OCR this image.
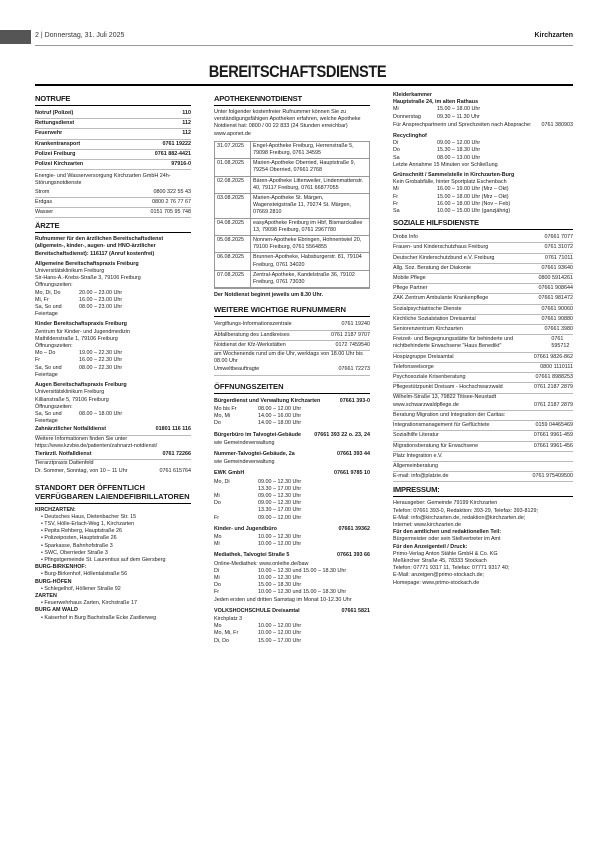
2 | Donnerstag, 31. Juli 2025	Kirchzarten
BEREITSCHAFTSDIENSTE
NOTRUFE
Notruf (Polizei)	110
Rettungsdienst	112
Feuerwehr	112
Krankentransport	0761 19222
Polizei Freiburg	0761 882-4421
Polizei Kirchzarten	97916-0
Energie- und Wasserversorgung Kirchzarten GmbH 24h-Störungsnotdienste
Strom	0800 322 55 43
Erdgas	0800 2 76 77 67
Wasser	0151 705 95 748
ÄRZTE
Rufnummer für den ärztlichen Bereitschaftsdienst (allgemein-, kinder-, augen- und HNO-ärztlicher Bereitschaftsdienst): 116117 (Anruf kostenfrei)
Allgemeine Bereitschaftspraxis Freiburg
Universitätsklinikum Freiburg
Sir-Hans-A.-Krebs-Straße 3, 79106 Freiburg
Öffnungszeiten:
Mo, Di, Do	20.00 – 23.00 Uhr
Mi, Fr	16.00 – 23.00 Uhr
Sa, So und Feiertage
08.00 – 23.00 Uhr
Kinder Bereitschaftspraxis Freiburg
Zentrum für Kinder- und Jugendmedizin
Mathildenstraße 1, 79106 Freiburg
Öffnungszeiten:
Mo – Do	19.00 – 22.30 Uhr
Fr	16.00 – 22.30 Uhr
Sa, So und Feiertage
08.00 – 22.30 Uhr
Augen Bereitschaftspraxis Freiburg
Universitätsklinikum Freiburg
Killianstraße 5, 79106 Freiburg
Öffnungszeiten:
Sa, So und Feiertage
08.00 – 18.00 Uhr
Zahnärztlicher Notfalldienst	01801 116 116
Weitere Informationen finden Sie unter https://www.kzvbw.de/patienten/zahnarzt-notdienst/
Tierärztl. Notfalldienst	0761 72266
Tierarztpraxis Dattenfeld
Dr. Sommer, Sonntag, von 10 – 11 Uhr	0761 615764
STANDORT DER ÖFFENTLICH VERFÜGBAREN LAIENDEFIBRILLATOREN
KIRCHZARTEN:
• Deutsches Haus, Dietenbacher Str. 15
• TSV, Hölle-Erlach-Weg 1, Kirchzarten
• Pepita Rehberg, Hauptstraße 26
• Polizeiposten, Hauptstraße 26
• Sparkasse, Bahnhofstraße 3
• SWC, Oberrieder Straße 3
• Pfingstgemeinde St. Laurentius auf dem Giersberg
BURG-BIRKENHOF:
• Burg-Birkenhof, Höllentalstraße 56
BURG-HÖFEN
• Schlegelhof, Höllener Straße 92
ZARTEN
• Feuerwehrhaus Zarten, Kirchstraße 17
BURG AM WALD
• Kaiserhof in Burg Bachstraße Ecke Zastlerweg
APOTHEKENNOTDIENST
Unter folgender kostenfreier Rufnummer können Sie zu verständigungsfähigen Apotheken erfahren, welche Apotheke Notdienst hat: 0800 / 00 22 833 (24 Stunden erreichbar) www.aponet.de
31.07.2025	Engel-Apotheke Freiburg, Herrenstraße 5, 79098 Freiburg, 0761 34595
01.08.2025	Marien-Apotheke Oberried, Hauptstraße 9, 79254 Oberried, 07661 2768
02.08.2025	Bären-Apotheke Littenweiler, Lindenmattenstr. 40, 79117 Freiburg, 0761 66877055
03.08.2025	Marien-Apotheke St. Märgen, Wagensteigstraße 11, 79274 St. Märgen, 07669 2810
04.08.2025	easyApotheke Freiburg im Hbf, Bismarckallee 13, 79098 Freiburg, 0761 2967780
05.08.2025	Nonnen-Apotheke Ebringen, Hohnentwiel 20, 79100 Freiburg, 0761 5564855
06.08.2025	Brunnen-Apotheke, Habsburgerstr. 81, 79104 Freiburg, 0761 34020
07.08.2025	Zentral-Apotheke, Kandelstraße 36, 79102 Freiburg, 0761 73030
Der Notdienst beginnt jeweils um 8.30 Uhr.
WEITERE WICHTIGE RUFNUMMERN
Vergiftungs-Informationszentrale	0761 19240
Abfallberatung des Landkreises	0761 2187 9707
Notdienst der Kfz-Werkstätten	0172 7459540
am Wochenende rund um die Uhr, werktags von 18.00 Uhr bis 08.00 Uhr
Umweltbeauftragte	07661 72273
ÖFFNUNGSZEITEN
Bürgerdienst und Verwaltung Kirchzarten	07661 393-0
Mo bis Fr	08.00 – 12.00 Uhr
Mo, Mi	14.00 – 16.00 Uhr
Do	14.00 – 18.00 Uhr
Bürgerbüro im Talvogtei-Gebäude 07661 393 22 o. 23, 24
wie Gemeindeverwaltung
Nummer-Talvogtei-Gebäude, 2a	07661 393 44
wie Gemeindeverwaltung
EWK GmbH	07661 9785 10
Mo, Di	09.00 – 12.30 Uhr
13.30 – 17.00 Uhr
Mi	09.00 – 12.30 Uhr
Do	09.00 – 12.30 Uhr
13.30 – 17.00 Uhr
Fr	09.00 – 12.00 Uhr
Kinder- und Jugendbüro	07661 39362
Mo	10.00 – 12.30 Uhr
Mi	10.00 – 12.00 Uhr
Mediathek, Talvogtei Straße 5	07661 393 66
Online-Mediathek: www.onleihe.de/baw
Di	10.00 – 12.30 und 15.00 – 18.30 Uhr
Mi	10.00 – 12.30 Uhr
Do	15.00 – 18.30 Uhr
Fr	10.00 – 12.30 und 15.00 – 18.30 Uhr
Jeden ersten und dritten Samstag im Monat 10-12.30 Uhr
VOLKSHOCHSCHULE Dreisamtal	07661 5821
Kirchplatz 3
Mo	10.00 – 12.00 Uhr
Mo, Mi, Fr	10.00 – 12.00 Uhr
Di, Do	15.00 – 17.00 Uhr
Kleiderkammer
Hauptstraße 24, im alten Rathaus
Mi	15.00 – 18.00 Uhr
Donnerstag	09.30 – 11.30 Uhr
Für Ansprechpartnerin und Sprechzeiten nach Absprache: 0761 380903
Recyclinghof
Di	09.00 – 12.00 Uhr
Do	15.30 – 18.30 Uhr
Sa	08.00 – 13.00 Uhr
Letzte Annahme 15 Minuten vor Schließung
Grünschnitt / Sammelstelle in Kirchzarten-Burg
Kein Grobabfälle, hinter Sportplatz Eschenbach
Mi	16.00 – 19.00 Uhr (Mrz – Okt)
Fr	15.00 – 18.00 Uhr (Mrz – Okt)
Fr	16.00 – 18.00 Uhr (Nov – Feb)
Sa	10.00 – 15.00 Uhr (ganzjährig)
SOZIALE HILFSDIENSTE
Drobs Info	07661 7077
Frauen- und Kinderschutzhaus Freiburg	0761 31072
Deutscher Kinderschutzbund e.V. Freiburg	0761 71011
Allg. Soz. Beratung der Diakonie	07661 93640
Mobile Pflege	0800 5914261
Pflege Partner	07661 908644
ZAK Zentrum Ambulante Krankenpflege	07661 981472
Sozialpsychiatrische Dienste	07661 90060
Kirchliche Sozialstation Dreisamtal	07661 90880
Seniorenzentrum Kirchzarten	07661 3980
Freizeit- und Begegnungsstätte für behinderte und nichtbehinderte Erwachsene "Haus Benedikt"
0761 595712
Hospizgruppe Dreisamtal	07661 9826-862
Telefonseelsorge	0800 1110111
Psychosoziale Krisenberatung	07661 8988253
Pflegestützpunkt Dreisam - Hochschwarzwald	0761 2187 2879
Wilhelm-Straße 13, 79822 Titisee-Neustadt
www.schwarzwaldpflege.de	0761 2187 2879
Beratung Migration und Integration der Caritas:
Integrationsmanagement für Geflüchtete	0159 04465469
Sozialhilfe Literatur	07661 9961-459
Migrationsberatung für Erwachsene	07661 9961-456
Platz Integration e.V.
Allgemeinberatung
E-mail: info@platzie.de	0761 975409500
IMPRESSUM:
Herausgeber: Gemeinde 79199 Kirchzarten
Telefon: 07661 393-0, Redaktion: 393-29, Telefax: 393-8129;
E-Mail: info@kirchzarten.de, redaktion@kirchzarten.de;
Internet: www.kirchzarten.de
Für den amtlichen und redaktionellen Teil:
Bürgermeister oder sein Stellvertreter im Amt
Für den Anzeigenteil / Druck:
Primo-Verlag Anton Stähle GmbH & Co. KG
Meßkircher Straße 45, 78333 Stockach
Telefon: 07771 9317 11, Telefax: 07771 9317 40;
E-Mail: anzeigen@primo-stockach.de;
Homepage: www.primo-stockach.de
